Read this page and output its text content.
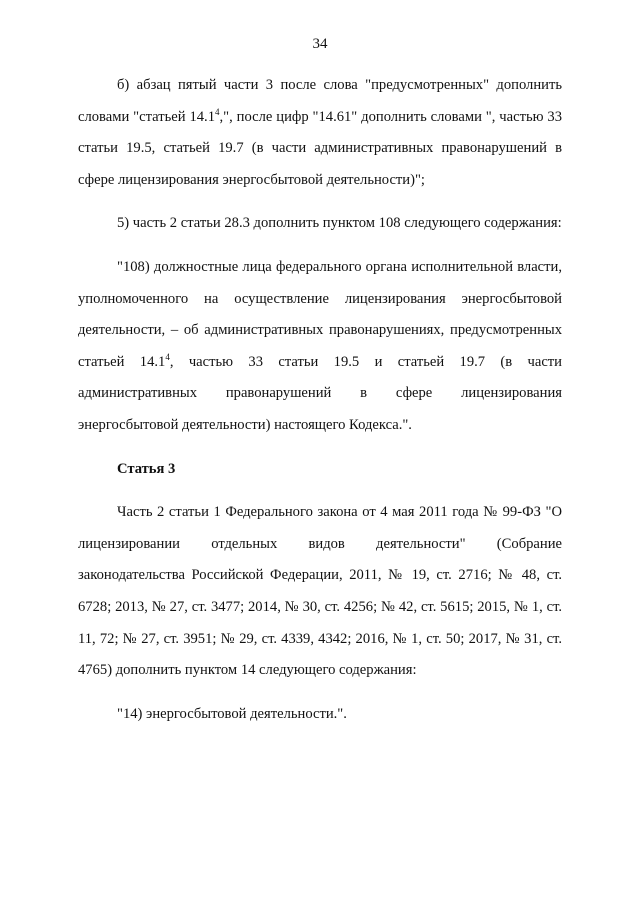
34

б) абзац пятый части 3 после слова "предусмотренных" дополнить словами "статьей 14.1$^4$,", после цифр "14.61" дополнить словами ", частью 33 статьи 19.5, статьей 19.7 (в части административных правонарушений в сфере лицензирования энергосбытовой деятельности)";

5) часть 2 статьи 28.3 дополнить пунктом 108 следующего содержания:

"108) должностные лица федерального органа исполнительной власти, уполномоченного на осуществление лицензирования энергосбытовой деятельности, – об административных правонарушениях, предусмотренных статьей 14.1$^4$, частью 33 статьи 19.5 и статьей 19.7 (в части административных правонарушений в сфере лицензирования энергосбытовой деятельности) настоящего Кодекса.".

Статья 3

Часть 2 статьи 1 Федерального закона от 4 мая 2011 года № 99-ФЗ "О лицензировании отдельных видов деятельности" (Собрание законодательства Российской Федерации, 2011, № 19, ст. 2716; № 48, ст. 6728; 2013, № 27, ст. 3477; 2014, № 30, ст. 4256; № 42, ст. 5615; 2015, № 1, ст. 11, 72; № 27, ст. 3951; № 29, ст. 4339, 4342; 2016, № 1, ст. 50; 2017, № 31, ст. 4765) дополнить пунктом 14 следующего содержания:

"14) энергосбытовой деятельности.".
